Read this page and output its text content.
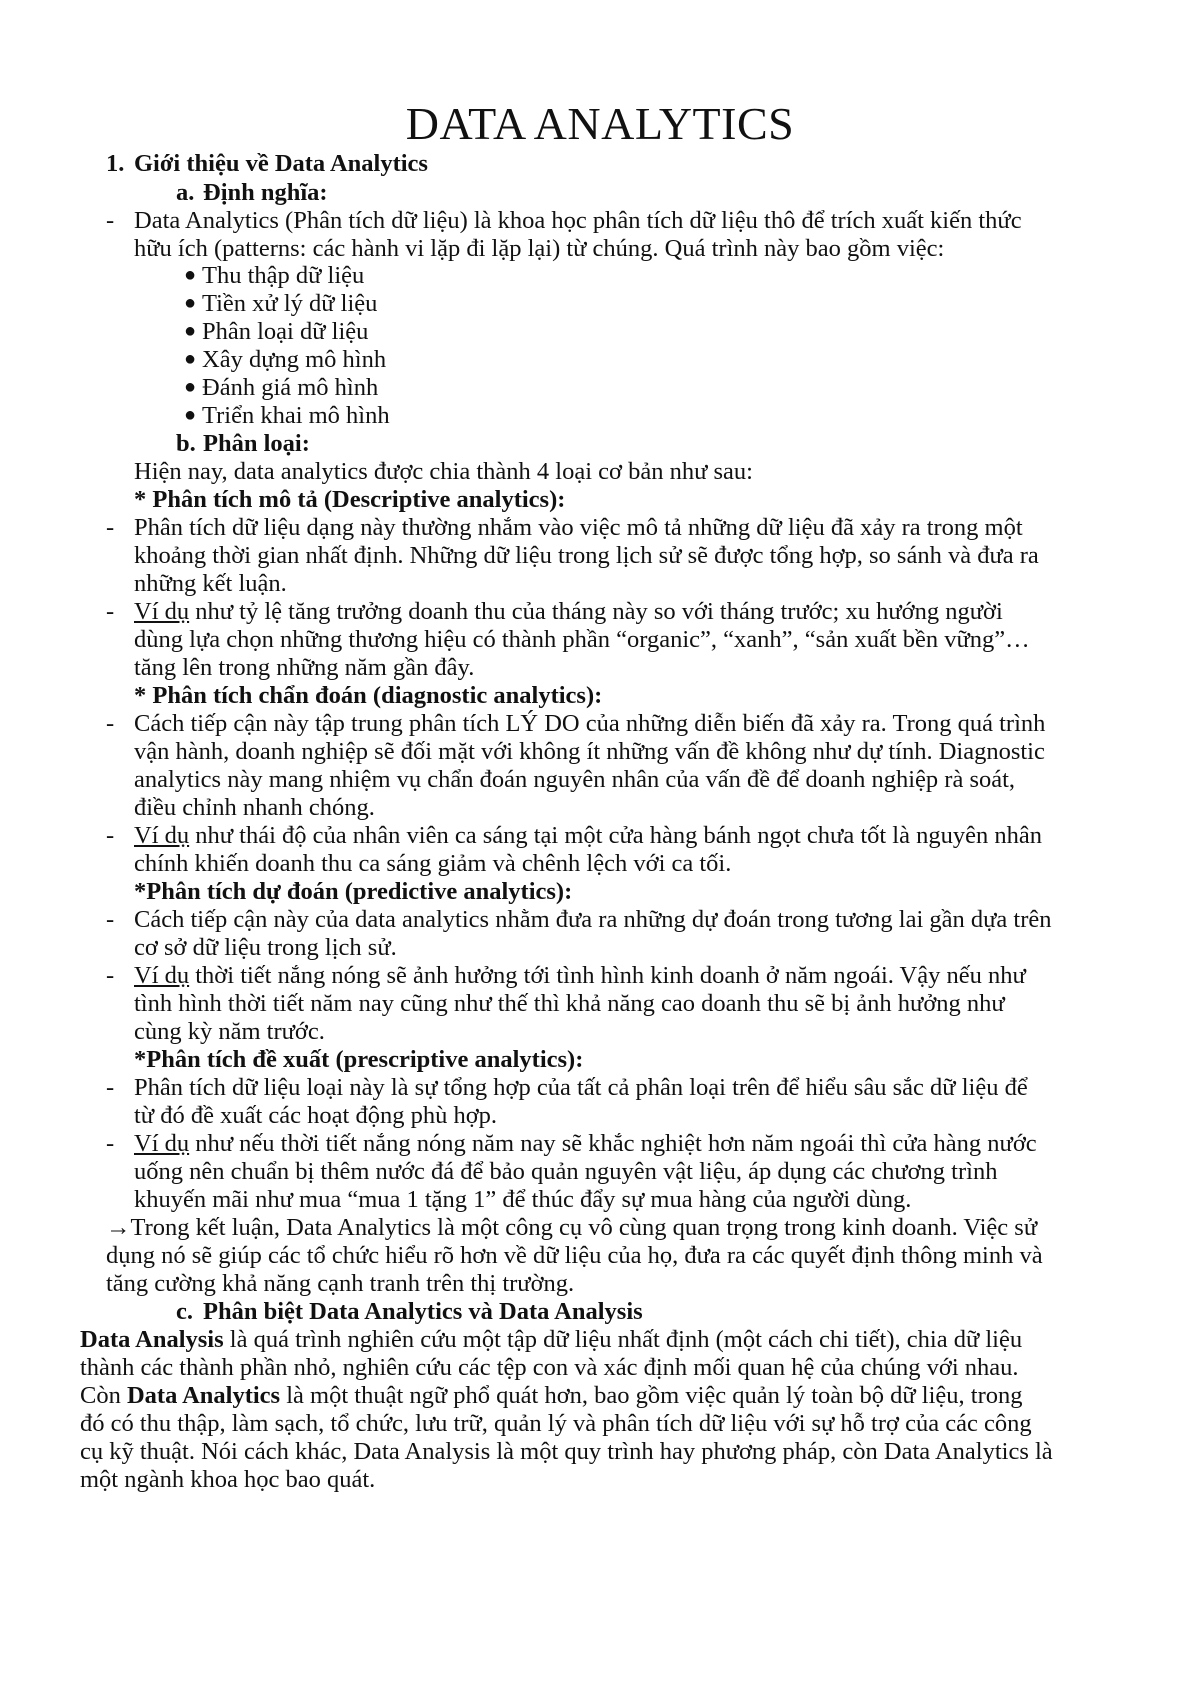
DATA ANALYTICS
1. Giới thiệu về Data Analytics
a. Định nghĩa:
- Data Analytics (Phân tích dữ liệu) là khoa học phân tích dữ liệu thô để trích xuất kiến thức
hữu ích (patterns: các hành vi lặp đi lặp lại) từ chúng. Quá trình này bao gồm việc:
● Thu thập dữ liệu
● Tiền xử lý dữ liệu
● Phân loại dữ liệu
● Xây dựng mô hình
● Đánh giá mô hình
● Triển khai mô hình
b. Phân loại:
Hiện nay, data analytics được chia thành 4 loại cơ bản như sau:
* Phân tích mô tả (Descriptive analytics):
- Phân tích dữ liệu dạng này thường nhắm vào việc mô tả những dữ liệu đã xảy ra trong một
khoảng thời gian nhất định. Những dữ liệu trong lịch sử sẽ được tổng hợp, so sánh và đưa ra
những kết luận.
- Ví dụ như tỷ lệ tăng trưởng doanh thu của tháng này so với tháng trước; xu hướng người
dùng lựa chọn những thương hiệu có thành phần “organic”, “xanh”, “sản xuất bền vững”…
tăng lên trong những năm gần đây.
* Phân tích chẩn đoán (diagnostic analytics):
- Cách tiếp cận này tập trung phân tích LÝ DO của những diễn biến đã xảy ra. Trong quá trình
vận hành, doanh nghiệp sẽ đối mặt với không ít những vấn đề không như dự tính. Diagnostic
analytics này mang nhiệm vụ chẩn đoán nguyên nhân của vấn đề để doanh nghiệp rà soát,
điều chỉnh nhanh chóng.
- Ví dụ như thái độ của nhân viên ca sáng tại một cửa hàng bánh ngọt chưa tốt là nguyên nhân
chính khiến doanh thu ca sáng giảm và chênh lệch với ca tối.
*Phân tích dự đoán (predictive analytics):
- Cách tiếp cận này của data analytics nhằm đưa ra những dự đoán trong tương lai gần dựa trên
cơ sở dữ liệu trong lịch sử.
- Ví dụ thời tiết nắng nóng sẽ ảnh hưởng tới tình hình kinh doanh ở năm ngoái. Vậy nếu như
tình hình thời tiết năm nay cũng như thế thì khả năng cao doanh thu sẽ bị ảnh hưởng như
cùng kỳ năm trước.
*Phân tích đề xuất (prescriptive analytics):
- Phân tích dữ liệu loại này là sự tổng hợp của tất cả phân loại trên để hiểu sâu sắc dữ liệu để
từ đó đề xuất các hoạt động phù hợp.
- Ví dụ như nếu thời tiết nắng nóng năm nay sẽ khắc nghiệt hơn năm ngoái thì cửa hàng nước
uống nên chuẩn bị thêm nước đá để bảo quản nguyên vật liệu, áp dụng các chương trình
khuyến mãi như mua “mua 1 tặng 1” để thúc đẩy sự mua hàng của người dùng.
→Trong kết luận, Data Analytics là một công cụ vô cùng quan trọng trong kinh doanh. Việc sử
dụng nó sẽ giúp các tổ chức hiểu rõ hơn về dữ liệu của họ, đưa ra các quyết định thông minh và
tăng cường khả năng cạnh tranh trên thị trường.
c. Phân biệt Data Analytics và Data Analysis
Data Analysis là quá trình nghiên cứu một tập dữ liệu nhất định (một cách chi tiết), chia dữ liệu
thành các thành phần nhỏ, nghiên cứu các tệp con và xác định mối quan hệ của chúng với nhau.
Còn Data Analytics là một thuật ngữ phổ quát hơn, bao gồm việc quản lý toàn bộ dữ liệu, trong
đó có thu thập, làm sạch, tổ chức, lưu trữ, quản lý và phân tích dữ liệu với sự hỗ trợ của các công
cụ kỹ thuật. Nói cách khác, Data Analysis là một quy trình hay phương pháp, còn Data Analytics là
một ngành khoa học bao quát.
